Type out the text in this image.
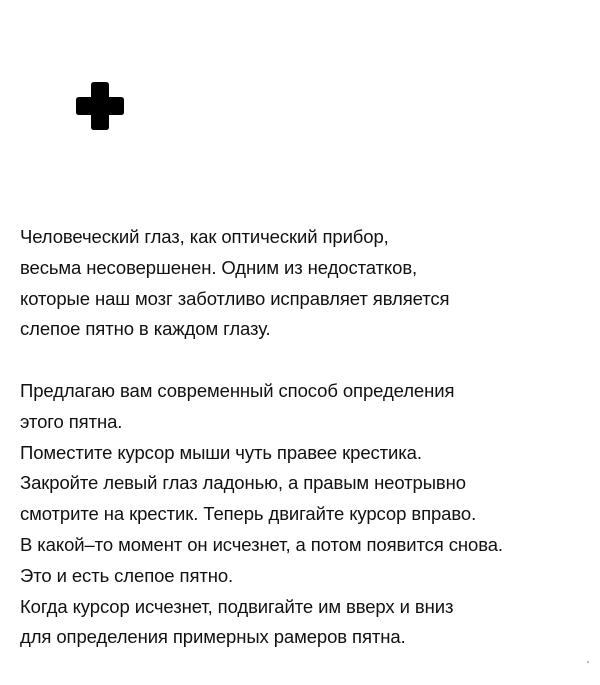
Человеческий глаз, как оптический прибор,
весьма несовершенен. Одним из недостатков,
которые наш мозг заботливо исправляет является
слепое пятно в каждом глазу.
Предлагаю вам современный способ определения
этого пятна.
Поместите курсор мыши чуть правее крестика.
Закройте левый глаз ладонью, а правым неотрывно
смотрите на крестик. Теперь двигайте курсор вправо.
В какой–то момент он исчезнет, а потом появится снова.
Это и есть слепое пятно.
Когда курсор исчезнет, подвигайте им вверх и вниз
для определения примерных рамеров пятна.
